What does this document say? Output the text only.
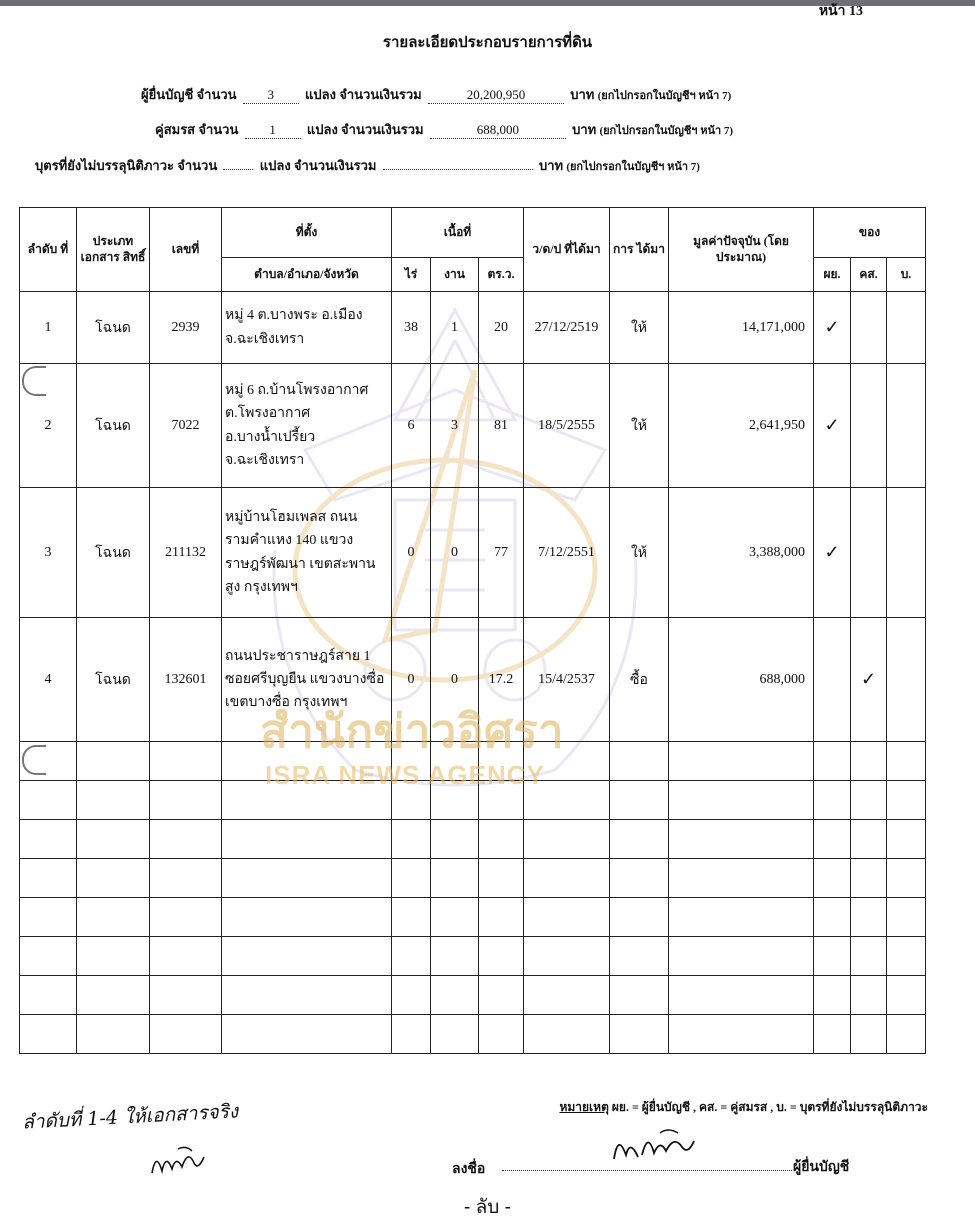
หน้า 13
รายละเอียดประกอบรายการที่ดิน
ผู้ยื่นบัญชี จำนวน 3 แปลง จำนวนเงินรวม	20,200,950	บาท (ยกไปกรอกในบัญชีฯ หน้า 7)
คู่สมรส จำนวน 1 แปลง จำนวนเงินรวม	688,000	บาท (ยกไปกรอกในบัญชีฯ หน้า 7)
บุตรที่ยังไม่บรรลุนิติภาวะ จำนวน	แปลง จำนวนเงินรวม	บาท (ยกไปกรอกในบัญชีฯ หน้า 7)
ลำดับ ที่	ประเภท เอกสาร สิทธิ์	เลขที่	ที่ตั้ง	เนื้อที่			ว/ด/ป ที่ได้มา	การ ได้มา	มูลค่าปัจจุบัน (โดยประมาณ)	ของ		
			ตำบล/อำเภอ/จังหวัด	ไร่	งาน	ตร.ว.				ผย.	คส.	บ.
1	โฉนด	2939	หมู่ 4 ต.บางพระ อ.เมือง จ.ฉะเชิงเทรา	38	1	20	27/12/2519	ให้	14,171,000	✓		
2	โฉนด	7022	หมู่ 6 ถ.บ้านโพรงอากาศ ต.โพรงอากาศ อ.บางน้ำเปรี้ยว จ.ฉะเชิงเทรา	6	3	81	18/5/2555	ให้	2,641,950	✓		
3	โฉนด	211132	หมู่บ้านโฮมเพลส ถนนรามคำแหง 140 แขวงราษฎร์พัฒนา เขตสะพานสูง กรุงเทพฯ	0	0	77	7/12/2551	ให้	3,388,000	✓		
4	โฉนด	132601	ถนนประชาราษฎร์สาย 1 ซอยศรีบุญยืน แขวงบางซื่อ เขตบางซื่อ กรุงเทพฯ	0	0	17.2	15/4/2537	ซื้อ	688,000		✓	

สำนักข่าวอิศรา
ISRA NEWS AGENCY
หมายเหตุ ผย. = ผู้ยื่นบัญชี , คส. = คู่สมรส , บ. = บุตรที่ยังไม่บรรลุนิติภาวะ
ลำดับที่ 1-4 ให้เอกสารจริง
ลงชื่อ	ผู้ยื่นบัญชี
- ลับ -
